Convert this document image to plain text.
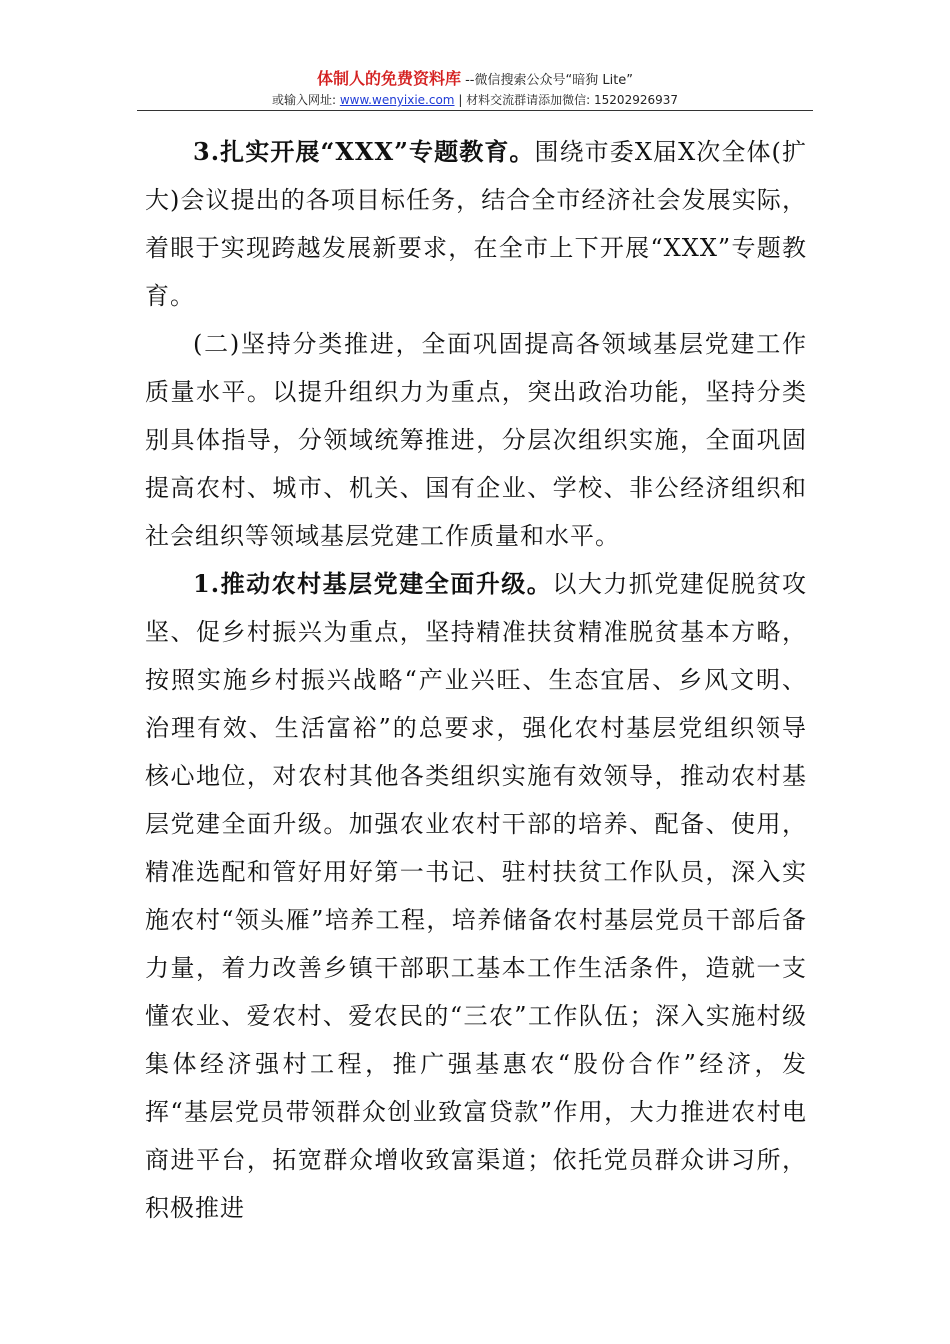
体制人的免费资料库 --微信搜索公众号“暗狗 Lite”
或输入网址: www.wenyixie.com | 材料交流群请添加微信: 15202926937

3.扎实开展“XXX”专题教育。围绕市委X届X次全体(扩大)会议提出的各项目标任务，结合全市经济社会发展实际，着眼于实现跨越发展新要求，在全市上下开展“XXX”专题教育。

(二)坚持分类推进，全面巩固提高各领域基层党建工作质量水平。以提升组织力为重点，突出政治功能，坚持分类别具体指导，分领域统筹推进，分层次组织实施，全面巩固提高农村、城市、机关、国有企业、学校、非公经济组织和社会组织等领域基层党建工作质量和水平。

1.推动农村基层党建全面升级。以大力抓党建促脱贫攻坚、促乡村振兴为重点，坚持精准扶贫精准脱贫基本方略，按照实施乡村振兴战略“产业兴旺、生态宜居、乡风文明、治理有效、生活富裕”的总要求，强化农村基层党组织领导核心地位，对农村其他各类组织实施有效领导，推动农村基层党建全面升级。加强农业农村干部的培养、配备、使用，精准选配和管好用好第一书记、驻村扶贫工作队员，深入实施农村“领头雁”培养工程，培养储备农村基层党员干部后备力量，着力改善乡镇干部职工基本工作生活条件，造就一支懂农业、爱农村、爱农民的“三农”工作队伍；深入实施村级集体经济强村工程，推广强基惠农“股份合作”经济，发挥“基层党员带领群众创业致富贷款”作用，大力推进农村电商进平台，拓宽群众增收致富渠道；依托党员群众讲习所，积极推进
